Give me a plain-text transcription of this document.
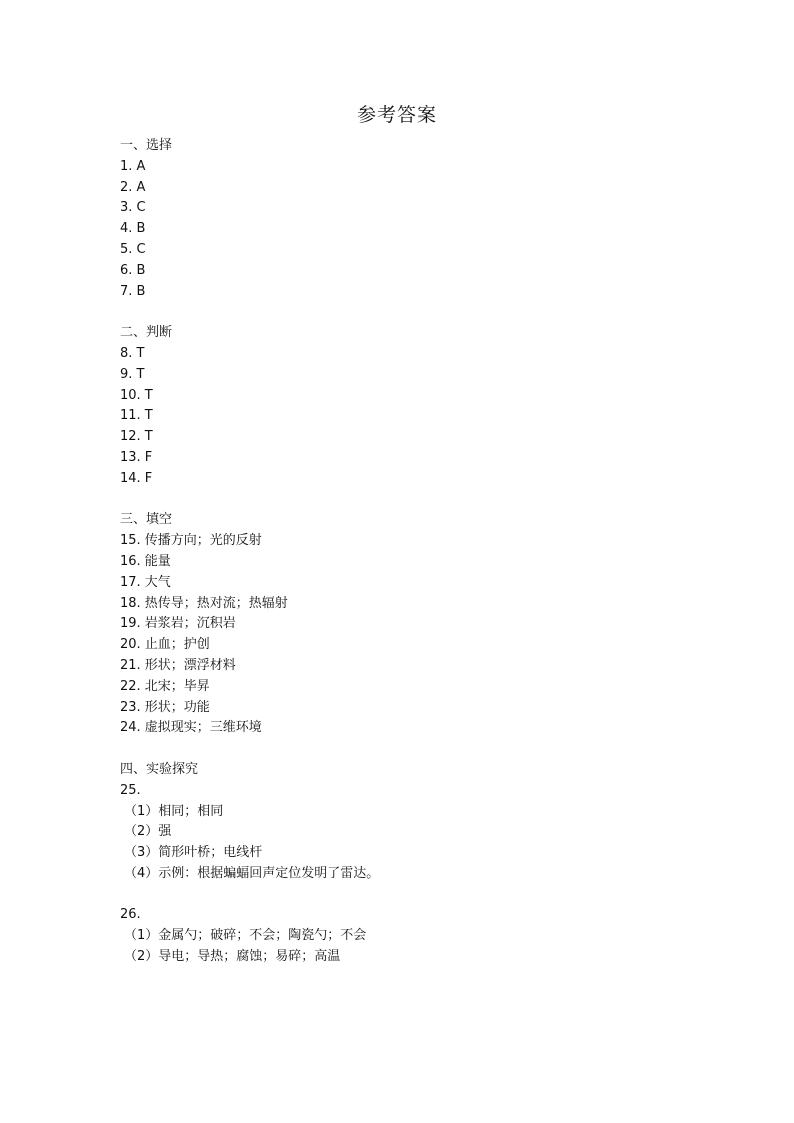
参考答案
一、选择
1. A
2. A
3. C
4. B
5. C
6. B
7. B
二、判断
8. T
9. T
10. T
11. T
12. T
13. F
14. F
三、填空
15. 传播方向；光的反射
16. 能量
17. 大气
18. 热传导；热对流；热辐射
19. 岩浆岩；沉积岩
20. 止血；护创
21. 形状；漂浮材料
22. 北宋；毕昇
23. 形状；功能
24. 虚拟现实；三维环境
四、实验探究
25.
（1）相同；相同
（2）强
（3）简形叶桥；电线杆
（4）示例：根据蝙蝠回声定位发明了雷达。
26.
（1）金属勺；破碎；不会；陶瓷勺；不会
（2）导电；导热；腐蚀；易碎；高温
